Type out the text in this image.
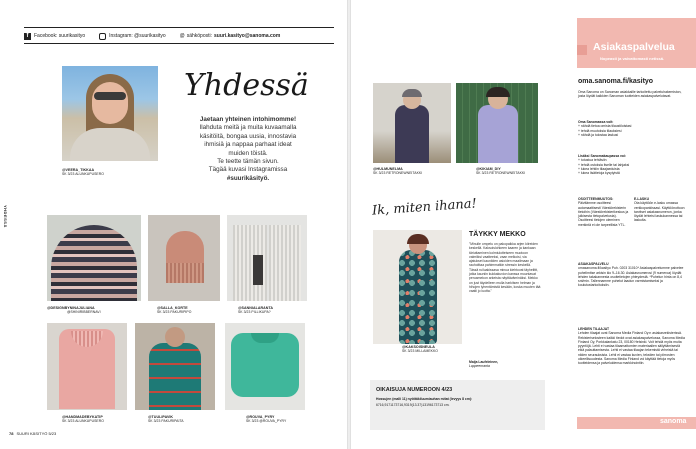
f	Facebook: suurikasityo	Instagram: @suurikasityo	@ sähköposti: suuri.kasityo@sanoma.com
YHDESSÄ
@VEERA_TIKKAA
SK 3/23 ALUNKUPUSERO
Yhdessä
Jaetaan yhteinen intohimomme!
Ilahduta meitä ja muita kuvaamalla
käsitöitä, bongaa uusia, innostavia
ihmisiä ja nappaa parhaat ideat
muiden töistä.
Te teette tämän sivun.
Tägää kuvasi Instagramissa
#suurikäsityö.
@DESIGNBYNINAJULIANA
@SHINIRIBBERNAVI
@SALLA_KORTE
SK 3/23 PAKURIPIPO
@SANNIALARANTA
SK 3/23 PILLIKUPA?
@HANDMADEBYKATIP
SK 3/23 ALUNKUPUSERO
@TUULIPAVIK
SK 3/23 PAKURIPAITA
@ROUVA_PYRY
SK 3/23 @ROUVA_PYRY
78 SUURI KÄSITYÖ 5/23
@HULMUNELMA
SK 3/23 RETRONEWNEITAKKI
@KIKIAM_DIY
SK 3/23 RETRONEWNEITAKKI
Ik, miten ihana!
@KAKSOISNEULA
SK 3/23 MILLAMEKKO
TÄYKKY MEKKO
"Minulle ompelu on pakopaikka arjen kiireiden keskellä. Kaksoislohkeen kaaren ja kankaan täriuttaminen kolmiulotteiseen muotoon valmiiksi vaatteeksi, vaan melkoisi, via ajatukset kauniiden asioiden maailmaan ja rauhoittaa pahimmatkin stressin keskellä. Tässä ruiluakissasa minua kiehtovat täyhelittt, jotka kauniin kukkakuvion kanssa muuntavat peruamekon arkeista näyttäväminäksi. Mekko on just täydelleen mulla harkitsen helman ja hihojen lyhentämistä kesään, koska muuten tää vaatii jo luotta."
Maija Laufeleinen,
Lappeenranta
OIKAISUJA NUMEROON 4/23
Hossujen (malli 11) nyöttäkiluumiauhan mitat (levyys 8 cm):
6716,9171173716,9319(13.37)13196173713 cm.
Asiakaspalvelua
Nopeasti ja vaivattomasti netissä.
oma.sanoma.fi/kasityo
Oma Sanoma on Sanoman asiakkaille tarkoitettu palveluhakemiston, josta löydät kaikkien Sanoman tuotteiden asiakaspalvelutavat.
Oma Sanomassa voit:
+ nähdä tietoa omista tilaustiloistasi
+ tehdä muutoksia tilauksiesi
+ nähdä ja tulostaa laskusi
Lisäksi Sanomakaupassa voi:
+ tutustua tehtäviin
+ tehdä ostoksia itselle tai lahjaksi
+ lukea lehtiin tilaajaeduista
+ lukea lisätietoja kysytyistä
OSOITTEENMUUTOS:
Päivitämme osoitteesi automaattisesti Väestörekisterin tietoihin (Väestörekisterikeskus ja julkisesta tietopalvelusta). Osoitteesi tietojen oleminen merkintä ei ole tarpeellista YTL.
E-LASKU
Ota käyttöön e-lasku omassa verkkopankissasi. Käyttöönottoon tarvitset asiakasnumeron, jonka löydät lehteisi laskukannessa tai laskulta.
ASIAKASPALVELU
omasanoma.fi/kasityo Puh. 0203 31010* Asiakaspalvelumme palvelee puhelimitse arkisin klo 9–16.30. Asiakasnumerosi (9 numeroa) löydät lehden takakannesta osoitetietojen yhteydestä. *Puhelun hinta on 8,4 snt/min. Tallennamme puhelut laadun varmistamiseksi ja koulutustarkoituksiin.
LEHDEN TILAAJAT
Lehden tilaajat ovat Sanoma Media Finland Oy:n asiakasrekisterissä. Rekisteriselosteen kaikki tiedot ovat asiakaspalvelussa, Sanoma Media Finland Oy, Porkkalankatu 23, 00180 Helsinki. Voit tehdä myös muita pyyntöjä. Lehti ei vastaa tilaamattomien materiaalien säilyttämisestä eikä palauttamisesta. Lehti ei vastaa tilaajan tekemistä virheistä tai niiden seurauksista. Lehti ei vastaa kuvien, tekstien tai piirrosten oikeellisuudesta. Sanoma Media Finland voi käyttää tietoja myös tuotteidensa ja palveluidensa markkinointiin.
sanoma
